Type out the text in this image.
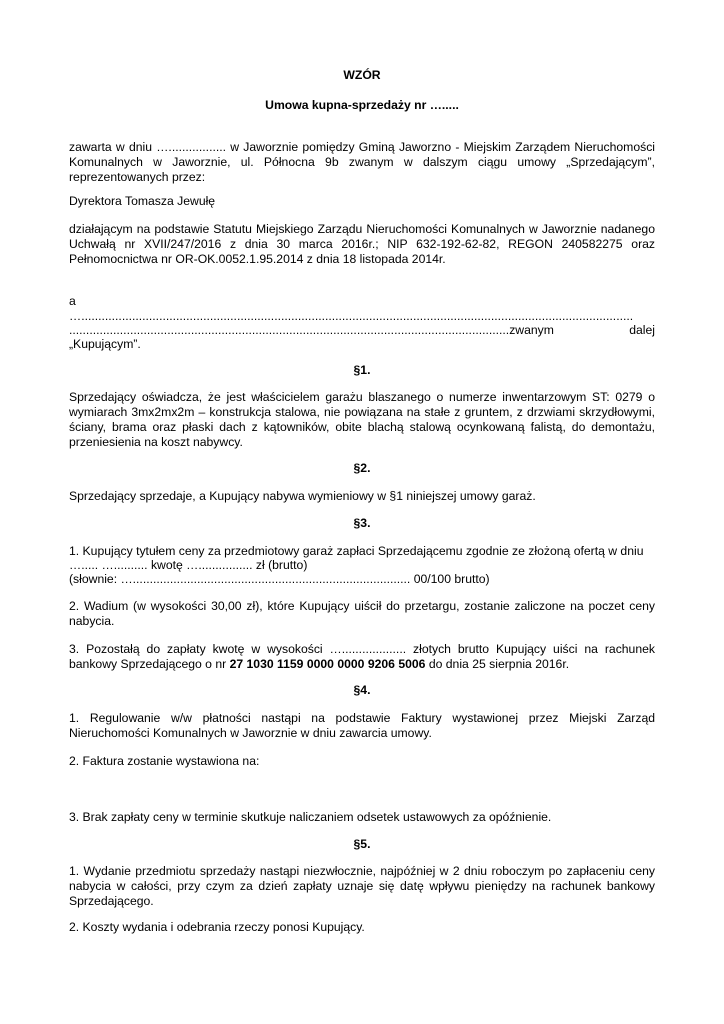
WZÓR
Umowa kupna-sprzedaży nr ….....
zawarta w dniu …................. w Jaworznie pomiędzy Gminą Jaworzno - Miejskim Zarządem Nieruchomości Komunalnych w Jaworznie, ul. Północna 9b zwanym w dalszym ciągu umowy „Sprzedającym”, reprezentowanych przez:
Dyrektora Tomasza Jewułę
działającym na podstawie Statutu Miejskiego Zarządu Nieruchomości Komunalnych w Jaworznie nadanego Uchwałą nr XVII/247/2016 z dnia 30 marca 2016r.; NIP 632-192-62-82, REGON 240582275 oraz Pełnomocnictwa nr OR-OK.0052.1.95.2014 z dnia 18 listopada 2014r.
a
…...................................................................................................................................................................
..................................................................................................................................zwanym	dalej
„Kupującym”.
§1.
Sprzedający oświadcza, że jest właścicielem garażu blaszanego o numerze inwentarzowym ST: 0279 o wymiarach 3mx2mx2m – konstrukcja stalowa, nie powiązana na stałe z gruntem, z drzwiami skrzydłowymi, ściany, brama oraz płaski dach z kątowników, obite blachą stalową ocynkowaną falistą, do demontażu, przeniesienia na koszt nabywcy.
§2.
Sprzedający sprzedaje, a Kupujący nabywa wymieniowy w §1 niniejszej umowy garaż.
§3.
1. Kupujący tytułem ceny za przedmiotowy garaż zapłaci Sprzedającemu zgodnie ze złożoną ofertą w dniu
…..... ….......... kwotę …................ zł (brutto)
(słownie: ….................................................................................. 00/100 brutto)
2. Wadium (w wysokości 30,00 zł), które Kupujący uiścił do przetargu, zostanie zaliczone na poczet ceny nabycia.
3. Pozostałą do zapłaty kwotę w wysokości …................... złotych brutto Kupujący uiści na rachunek bankowy Sprzedającego o nr 27 1030 1159 0000 0000 9206 5006 do dnia 25 sierpnia 2016r.
§4.
1. Regulowanie w/w płatności nastąpi na podstawie Faktury wystawionej przez Miejski Zarząd Nieruchomości Komunalnych w Jaworznie w dniu zawarcia umowy.
2. Faktura zostanie wystawiona na:
3. Brak zapłaty ceny w terminie skutkuje naliczaniem odsetek ustawowych za opóźnienie.
§5.
1. Wydanie przedmiotu sprzedaży nastąpi niezwłocznie, najpóźniej w 2 dniu roboczym po zapłaceniu ceny nabycia w całości, przy czym za dzień zapłaty uznaje się datę wpływu pieniędzy na rachunek bankowy Sprzedającego.
2. Koszty wydania i odebrania rzeczy ponosi Kupujący.
